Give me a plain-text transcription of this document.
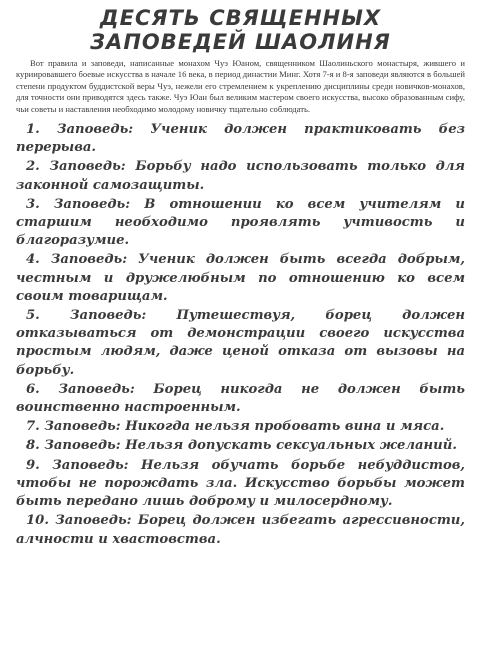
ДЕСЯТЬ СВЯЩЕННЫХ
ЗАПОВЕДЕЙ ШАОЛИНЯ

Вот правила и заповеди, написанные монахом Чуэ Юаном, священником Шаолиньского монастыря, жившего и куриировавшего боевые искусства в начале 16 века, в период династии Минг. Хотя 7-я и 8-я заповеди являются в большей степени продуктом буддистской веры Чуэ, нежели его стремлением к укреплению дисциплины среди новичков-монахов, для точности они приводятся здесь также. Чуэ Юан был великим мастером своего искусства, высоко образованным сифу, чьи советы и наставления необходимо молодому новичку тщательно соблюдать.

1. Заповедь: Ученик должен практиковать без перерыва.
2. Заповедь: Борьбу надо использовать только для законной самозащиты.
3. Заповедь: В отношении ко всем учителям и старшим необходимо проявлять учтивость и благоразумие.
4. Заповедь: Ученик должен быть всегда добрым, честным и дружелюбным по отношению ко всем своим товарищам.
5. Заповедь: Путешествуя, борец должен отказываться от демонстрации своего искусства простым людям, даже ценой отказа от вызовы на борьбу.
6. Заповедь: Борец никогда не должен быть воинственно настроенным.
7. Заповедь: Никогда нельзя пробовать вина и мяса.
8. Заповедь: Нельзя допускать сексуальных желаний.
9. Заповедь: Нельзя обучать борьбе небуддистов, чтобы не порождать зла. Искусство борьбы может быть передано лишь доброму и милосердному.
10. Заповедь: Борец должен избегать агрессивности, алчности и хвастовства.
